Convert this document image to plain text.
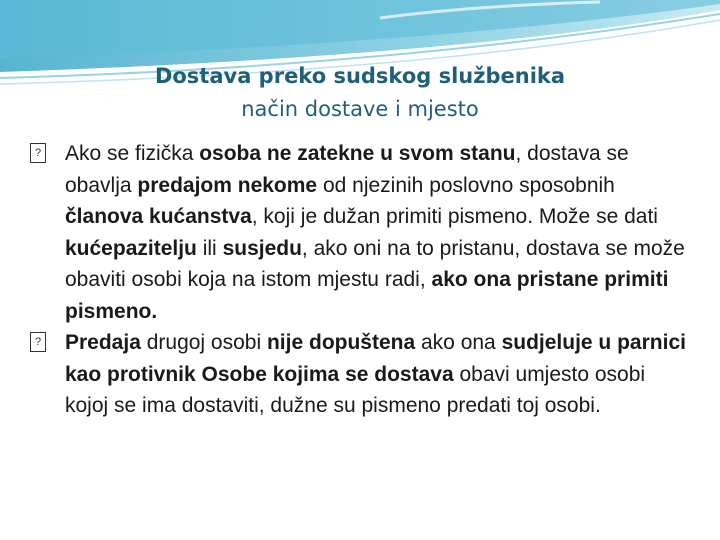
Dostava preko sudskog službenika
način dostave i mjesto

? Ako se fizička osoba ne zatekne u svom stanu, dostava se obavlja predajom nekome od njezinih poslovno sposobnih članova kućanstva, koji je dužan primiti pismeno. Može se dati kućepazitelju ili susjedu, ako oni na to pristanu, dostava se može obaviti osobi koja na istom mjestu radi, ako ona pristane primiti pismeno.

? Predaja drugoj osobi nije dopuštena ako ona sudjeluje u parnici kao protivnik Osobe kojima se dostava obavi umjesto osobi kojoj se ima dostaviti, dužne su pismeno predati toj osobi.
